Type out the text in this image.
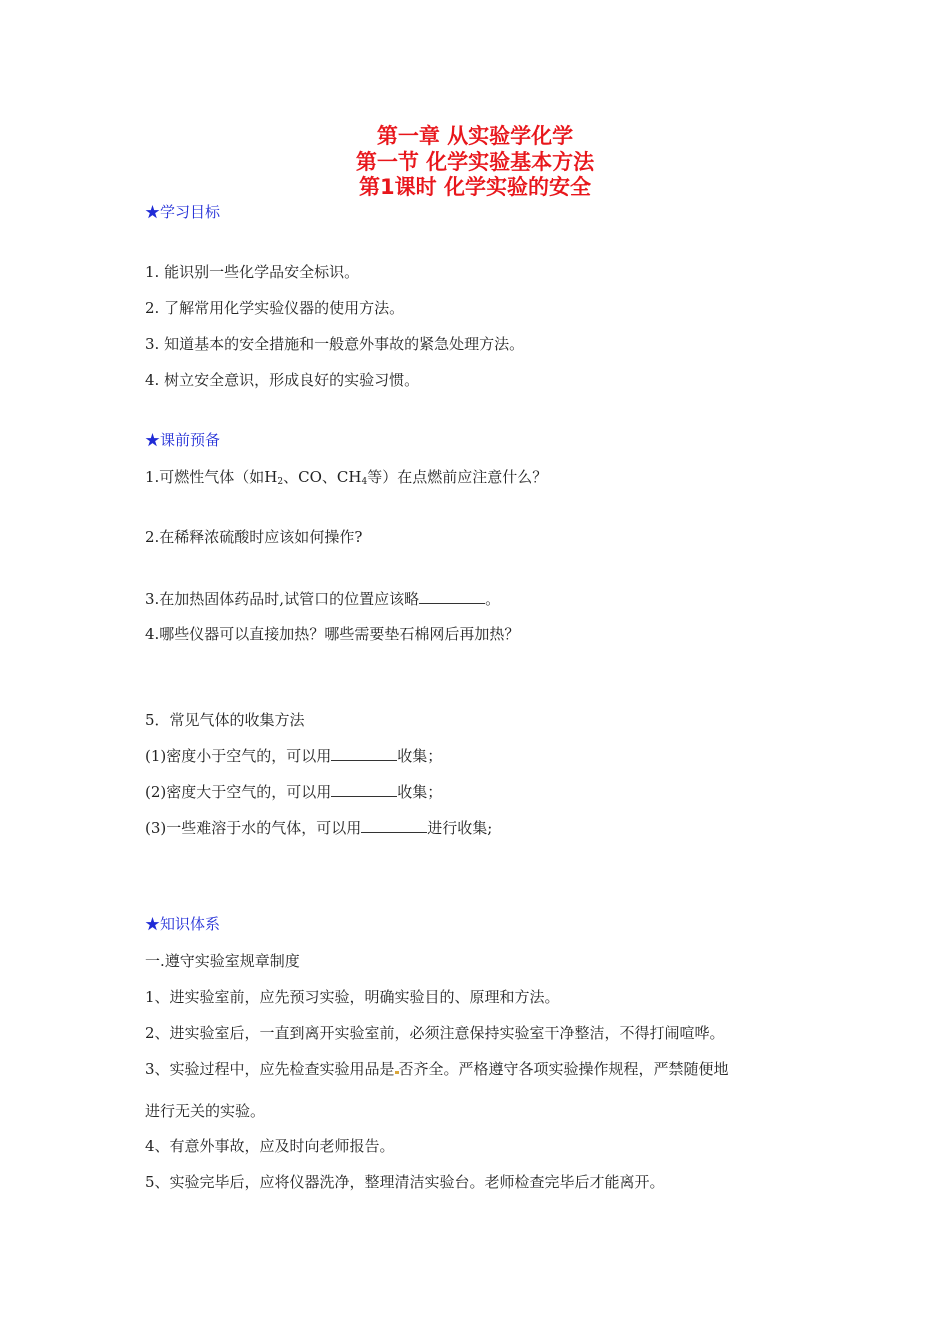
第一章 从实验学化学
第一节 化学实验基本方法
第1课时 化学实验的安全
★学习目标
1. 能识别一些化学品安全标识。
2. 了解常用化学实验仪器的使用方法。
3. 知道基本的安全措施和一般意外事故的紧急处理方法。
4. 树立安全意识，形成良好的实验习惯。
★课前预备
1.可燃性气体（如$H_2$、CO、$CH_4$等）在点燃前应注意什么？
2.在稀释浓硫酸时应该如何操作?
3.在加热固体药品时,试管口的位置应该略	。
4.哪些仪器可以直接加热？哪些需要垫石棉网后再加热？
5．常见气体的收集方法
(1)密度小于空气的，可以用	收集；
(2)密度大于空气的，可以用	收集；
(3)一些难溶于水的气体，可以用	进行收集;
★知识体系
一.遵守实验室规章制度
1、进实验室前，应先预习实验，明确实验目的、原理和方法。
2、进实验室后，一直到离开实验室前，必须注意保持实验室干净整洁，不得打闹喧哗。
3、实验过程中，应先检查实验用品是 否齐全。严格遵守各项实验操作规程，严禁随便地
进行无关的实验。
4、有意外事故，应及时向老师报告。
5、实验完毕后，应将仪器洗净，整理清洁实验台。老师检查完毕后才能离开。
